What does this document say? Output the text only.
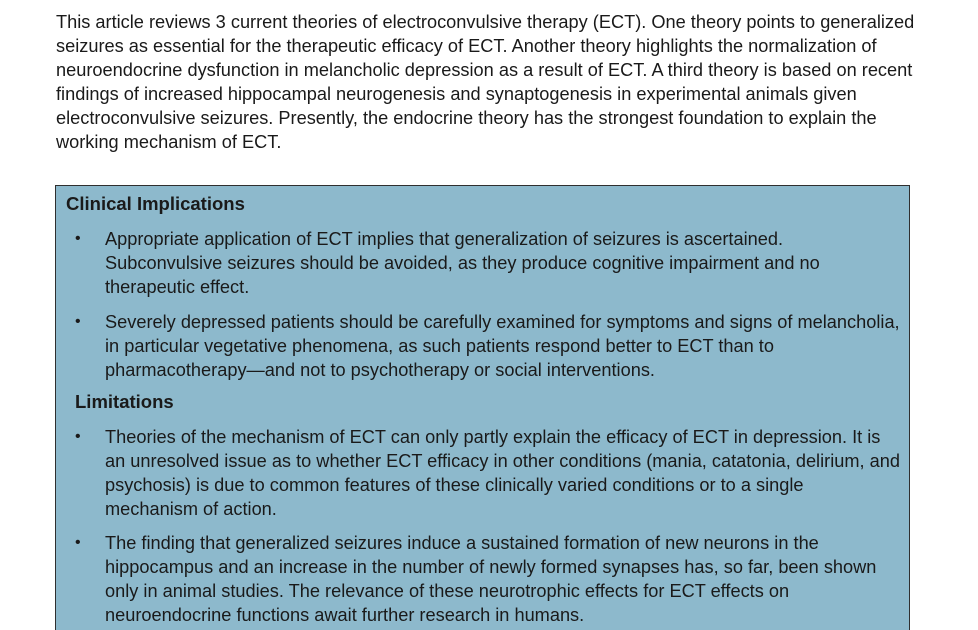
This article reviews 3 current theories of electroconvulsive therapy (ECT). One theory points to generalized seizures as essential for the therapeutic efficacy of ECT. Another theory highlights the normalization of neuroendocrine dysfunction in melancholic depression as a result of ECT. A third theory is based on recent findings of increased hippocampal neurogenesis and synaptogenesis in experimental animals given electroconvulsive seizures. Presently, the endocrine theory has the strongest foundation to explain the working mechanism of ECT.

Clinical Implications
• Appropriate application of ECT implies that generalization of seizures is ascertained. Subconvulsive seizures should be avoided, as they produce cognitive impairment and no therapeutic effect.

• Severely depressed patients should be carefully examined for symptoms and signs of melancholia, in particular vegetative phenomena, as such patients respond better to ECT than to pharmacotherapy—and not to psychotherapy or social interventions.

Limitations
• Theories of the mechanism of ECT can only partly explain the efficacy of ECT in depression. It is an unresolved issue as to whether ECT efficacy in other conditions (mania, catatonia, delirium, and psychosis) is due to common features of these clinically varied conditions or to a single mechanism of action.

• The finding that generalized seizures induce a sustained formation of new neurons in the hippocampus and an increase in the number of newly formed synapses has, so far, been shown only in animal studies. The relevance of these neurotrophic effects for ECT effects on neuroendocrine functions await further research in humans.
